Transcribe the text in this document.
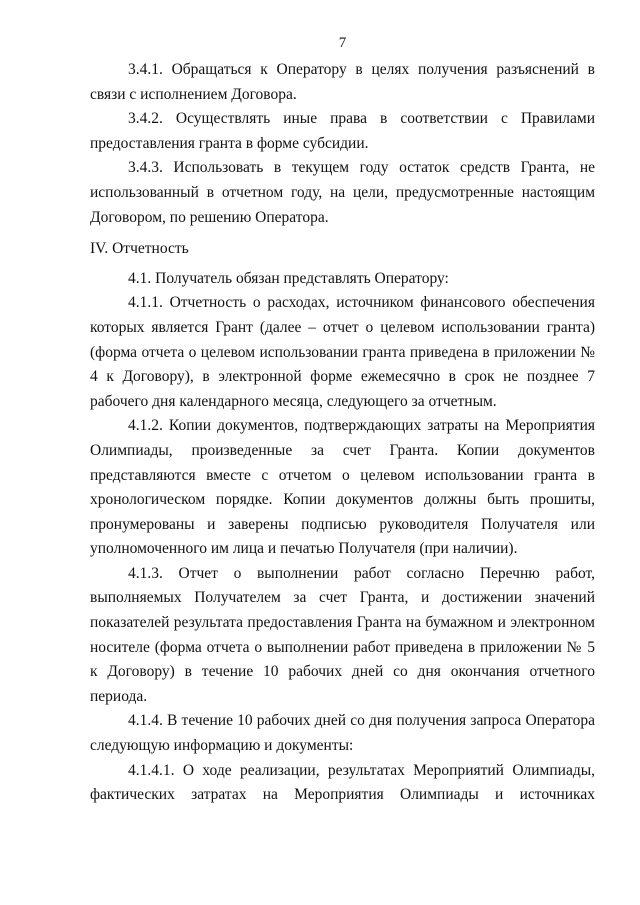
7

3.4.1. Обращаться к Оператору в целях получения разъяснений в связи с исполнением Договора.

3.4.2. Осуществлять иные права в соответствии с Правилами предоставления гранта в форме субсидии.

3.4.3. Использовать в текущем году остаток средств Гранта, не использованный в отчетном году, на цели, предусмотренные настоящим Договором, по решению Оператора.

IV. Отчетность

4.1. Получатель обязан представлять Оператору:

4.1.1. Отчетность о расходах, источником финансового обеспечения которых является Грант (далее – отчет о целевом использовании гранта) (форма отчета о целевом использовании гранта приведена в приложении № 4 к Договору), в электронной форме ежемесячно в срок не позднее 7 рабочего дня календарного месяца, следующего за отчетным.

4.1.2. Копии документов, подтверждающих затраты на Мероприятия Олимпиады, произведенные за счет Гранта. Копии документов представляются вместе с отчетом о целевом использовании гранта в хронологическом порядке. Копии документов должны быть прошиты, пронумерованы и заверены подписью руководителя Получателя или уполномоченного им лица и печатью Получателя (при наличии).

4.1.3. Отчет о выполнении работ согласно Перечню работ, выполняемых Получателем за счет Гранта, и достижении значений показателей результата предоставления Гранта на бумажном и электронном носителе (форма отчета о выполнении работ приведена в приложении № 5 к Договору) в течение 10 рабочих дней со дня окончания отчетного периода.

4.1.4. В течение 10 рабочих дней со дня получения запроса Оператора следующую информацию и документы:

4.1.4.1. О ходе реализации, результатах Мероприятий Олимпиады, фактических затратах на Мероприятия Олимпиады и источниках
